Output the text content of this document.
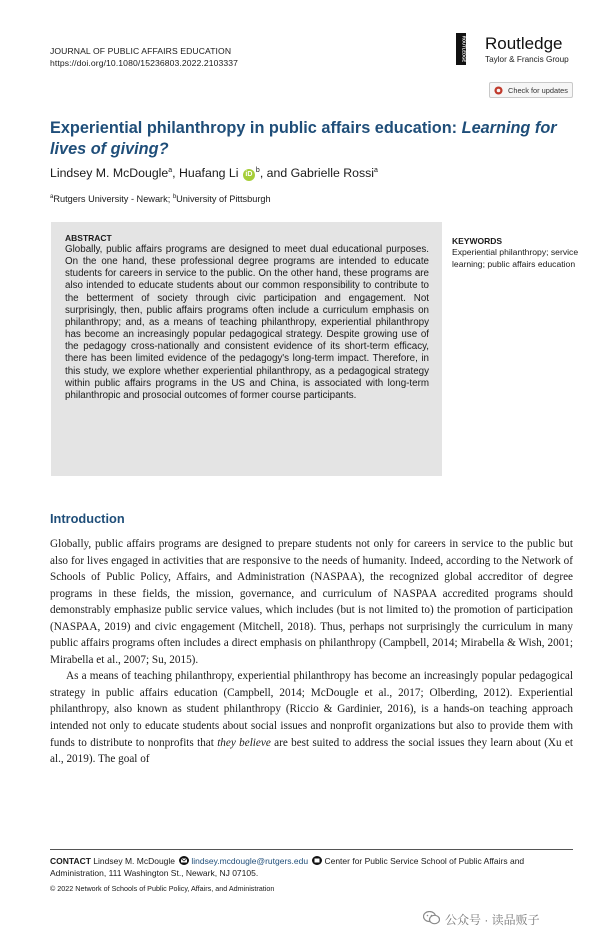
JOURNAL OF PUBLIC AFFAIRS EDUCATION
https://doi.org/10.1080/15236803.2022.2103337
ROUTLEDGE Routledge
Taylor & Francis Group
Check for updates
Experiential philanthropy in public affairs education: Learning for lives of giving?
Lindsey M. McDougle$^a$, Huafang Li $iD^b$, and Gabrielle Rossi$^a$
$^a$Rutgers University - Newark; $^b$University of Pittsburgh
ABSTRACT
Globally, public affairs programs are designed to meet dual educational purposes. On the one hand, these professional degree programs are intended to educate students for careers in service to the public. On the other hand, these programs are also intended to educate students about our common responsibility to contribute to the betterment of society through civic participation and engagement. Not surprisingly, then, public affairs programs often include a curriculum emphasis on philanthropy; and, as a means of teaching philanthropy, experiential philanthropy has become an increasingly popular pedagogical strategy. Despite growing use of the pedagogy cross-nationally and consistent evidence of its short-term efficacy, there has been limited evidence of the pedagogy's long-term impact. Therefore, in this study, we explore whether experiential philanthropy, as a pedagogical strategy within public affairs programs in the US and China, is associated with long-term philanthropic and prosocial outcomes of former course participants.
KEYWORDS
Experiential philanthropy; service learning; public affairs education
Introduction

Globally, public affairs programs are designed to prepare students not only for careers in service to the public but also for lives engaged in activities that are responsive to the needs of humanity. Indeed, according to the Network of Schools of Public Policy, Affairs, and Administration (NASPAA), the recognized global accreditor of degree programs in these fields, the mission, governance, and curriculum of NASPAA accredited programs should demonstrably emphasize public service values, which includes (but is not limited to) the promotion of participation (NASPAA, 2019) and civic engagement (Mitchell, 2018). Thus, perhaps not surprisingly the curriculum in many public affairs programs often includes a direct emphasis on philanthropy (Campbell, 2014; Mirabella & Wish, 2001; Mirabella et al., 2007; Su, 2015).

As a means of teaching philanthropy, experiential philanthropy has become an increasingly popular pedagogical strategy in public affairs education (Campbell, 2014; McDougle et al., 2017; Olberding, 2012). Experiential philanthropy, also known as student philanthropy (Riccio & Gardinier, 2016), is a hands-on teaching approach intended not only to educate students about social issues and nonprofit organizations but also to provide them with funds to distribute to nonprofits that they believe are best suited to address the social issues they learn about (Xu et al., 2019). The goal of

CONTACT Lindsey M. McDougle lindsey.mcdougle@rutgers.edu Center for Public Service School of Public Affairs and Administration, 111 Washington St., Newark, NJ 07105.
© 2022 Network of Schools of Public Policy, Affairs, and Administration
公众号 · 读品贩子
